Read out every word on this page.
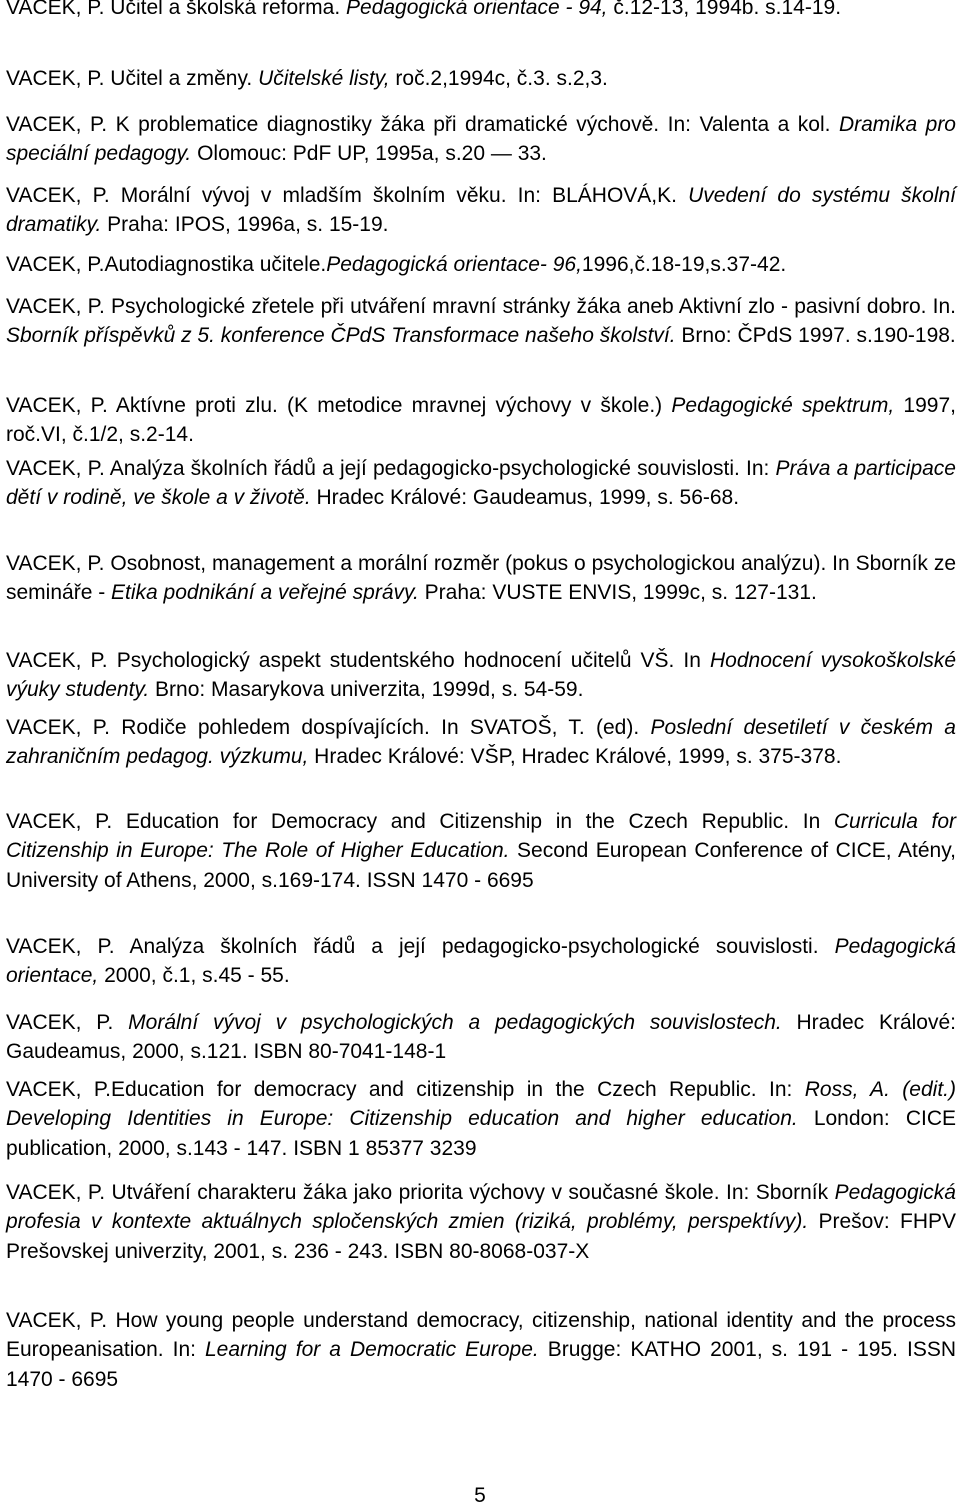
VACEK, P. Učitel a školská reforma. Pedagogická orientace - 94, č.12-13, 1994b. s.14-19.

VACEK, P. Učitel a změny. Učitelské listy, roč.2,1994c, č.3. s.2,3.

VACEK, P. K problematice diagnostiky žáka při dramatické výchově. In: Valenta a kol. Dramika pro speciální pedagogy. Olomouc: PdF UP, 1995a, s.20 — 33.

VACEK, P. Morální vývoj v mladším školním věku. In: BLÁHOVÁ,K. Uvedení do systému školní dramatiky. Praha: IPOS, 1996a, s. 15-19.

VACEK, P.Autodiagnostika učitele.Pedagogická orientace- 96,1996,č.18-19,s.37-42.

VACEK, P. Psychologické zřetele při utváření mravní stránky žáka aneb Aktivní zlo - pasivní dobro. In. Sborník příspěvků z 5. konference ČPdS Transformace našeho školství. Brno: ČPdS 1997. s.190-198.

VACEK, P. Aktívne proti zlu. (K metodice mravnej výchovy v škole.) Pedagogické spektrum, 1997, roč.VI, č.1/2, s.2-14.

VACEK, P. Analýza školních řádů a její pedagogicko-psychologické souvislosti. In: Práva a participace dětí v rodině, ve škole a v životě. Hradec Králové: Gaudeamus, 1999, s. 56-68.

VACEK, P. Osobnost, management a morální rozměr (pokus o psychologickou analýzu). In Sborník ze semináře - Etika podnikání a veřejné správy. Praha: VUSTE ENVIS, 1999c, s. 127-131.

VACEK, P. Psychologický aspekt studentského hodnocení učitelů VŠ. In Hodnocení vysokoškolské výuky studenty. Brno: Masarykova univerzita, 1999d, s. 54-59.

VACEK, P. Rodiče pohledem dospívajících. In SVATOŠ, T. (ed). Poslední desetiletí v českém a zahraničním pedagog. výzkumu, Hradec Králové: VŠP, Hradec Králové, 1999, s. 375-378.

VACEK, P. Education for Democracy and Citizenship in the Czech Republic. In Curricula for Citizenship in Europe: The Role of Higher Education. Second European Conference of CICE, Atény, University of Athens, 2000, s.169-174. ISSN 1470 - 6695

VACEK, P. Analýza školních řádů a její pedagogicko-psychologické souvislosti. Pedagogická orientace, 2000, č.1, s.45 - 55.

VACEK, P. Morální vývoj v psychologických a pedagogických souvislostech. Hradec Králové: Gaudeamus, 2000, s.121. ISBN 80-7041-148-1

VACEK, P.Education for democracy and citizenship in the Czech Republic. In: Ross, A. (edit.) Developing Identities in Europe: Citizenship education and higher education. London: CICE publication, 2000, s.143 - 147. ISBN 1 85377 3239

VACEK, P. Utváření charakteru žáka jako priorita výchovy v současné škole. In: Sborník Pedagogická profesia v kontexte aktuálnych spločenských zmien (riziká, problémy, perspektívy). Prešov: FHPV Prešovskej univerzity, 2001, s. 236 - 243. ISBN 80-8068-037-X

VACEK, P. How young people understand democracy, citizenship, national identity and the process Europeanisation. In: Learning for a Democratic Europe. Brugge: KATHO 2001, s. 191 - 195. ISSN 1470 - 6695

5
